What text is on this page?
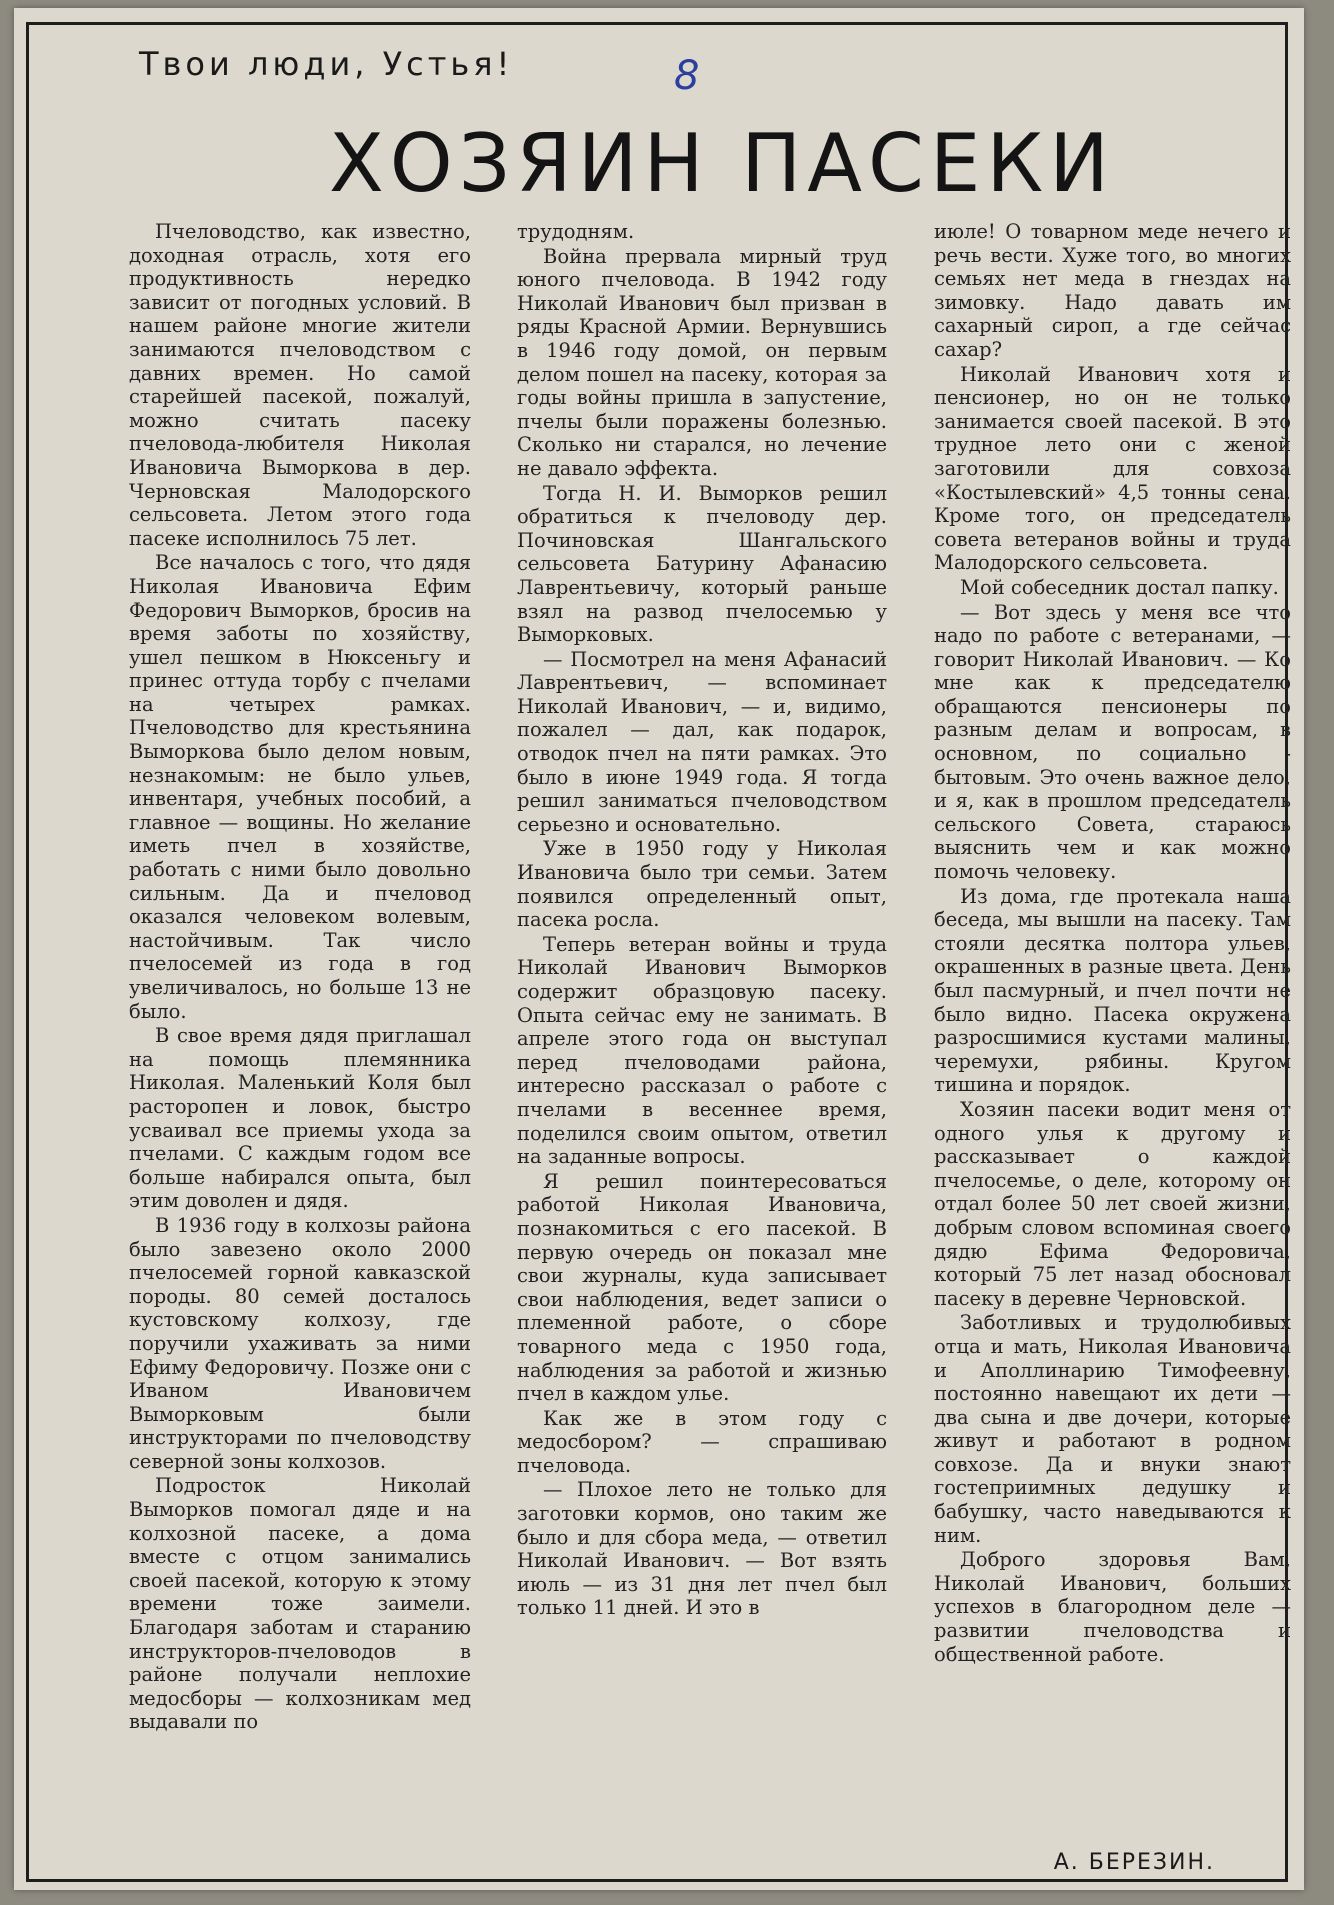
Твои люди, Устья!	8
ХОЗЯИН ПАСЕКИ

Пчеловодство, как известно, доходная отрасль, хотя его продуктивность нередко зависит от погодных условий. В нашем районе многие жители занимаются пчеловодством с давних времен. Но самой старейшей пасекой, пожалуй, можно считать пасеку пчеловода-любителя Николая Ивановича Выморкова в дер. Черновская Малодорского сельсовета. Летом этого года пасеке исполнилось 75 лет.

Все началось с того, что дядя Николая Ивановича Ефим Федорович Выморков, бросив на время заботы по хозяйству, ушел пешком в Нюксеньгу и принес оттуда торбу с пчелами на четырех рамках. Пчеловодство для крестьянина Выморкова было делом новым, незнакомым: не было ульев, инвентаря, учебных пособий, а главное — вощины. Но желание иметь пчел в хозяйстве, работать с ними было довольно сильным. Да и пчеловод оказался человеком волевым, настойчивым. Так число пчелосемей из года в год увеличивалось, но больше 13 не было.

В свое время дядя приглашал на помощь племянника Николая. Маленький Коля был расторопен и ловок, быстро усваивал все приемы ухода за пчелами. С каждым годом все больше набирался опыта, был этим доволен и дядя.

В 1936 году в колхозы района было завезено около 2000 пчелосемей горной кавказской породы. 80 семей досталось кустовскому колхозу, где поручили ухаживать за ними Ефиму Федоровичу. Позже они с Иваном Ивановичем Выморковым были инструкторами по пчеловодству северной зоны колхозов.

Подросток Николай Выморков помогал дяде и на колхозной пасеке, а дома вместе с отцом занимались своей пасекой, которую к этому времени тоже заимели. Благодаря заботам и старанию инструкторов-пчеловодов в районе получали неплохие медосборы — колхозникам мед выдавали по

трудодням.

Война прервала мирный труд юного пчеловода. В 1942 году Николай Иванович был призван в ряды Красной Армии. Вернувшись в 1946 году домой, он первым делом пошел на пасеку, которая за годы войны пришла в запустение, пчелы были поражены болезнью. Сколько ни старался, но лечение не давало эффекта.

Тогда Н. И. Выморков решил обратиться к пчеловоду дер. Починовская Шангальского сельсовета Батурину Афанасию Лаврентьевичу, который раньше взял на развод пчелосемью у Выморковых.

— Посмотрел на меня Афанасий Лаврентьевич, — вспоминает Николай Иванович, — и, видимо, пожалел — дал, как подарок, отводок пчел на пяти рамках. Это было в июне 1949 года. Я тогда решил заниматься пчеловодством серьезно и основательно.

Уже в 1950 году у Николая Ивановича было три семьи. Затем появился определенный опыт, пасека росла.

Теперь ветеран войны и труда Николай Иванович Выморков содержит образцовую пасеку. Опыта сейчас ему не занимать. В апреле этого года он выступал перед пчеловодами района, интересно рассказал о работе с пчелами в весеннее время, поделился своим опытом, ответил на заданные вопросы.

Я решил поинтересоваться работой Николая Ивановича, познакомиться с его пасекой. В первую очередь он показал мне свои журналы, куда записывает свои наблюдения, ведет записи о племенной работе, о сборе товарного меда с 1950 года, наблюдения за работой и жизнью пчел в каждом улье.

Как же в этом году с медосбором? — спрашиваю пчеловода.

— Плохое лето не только для заготовки кормов, оно таким же было и для сбора меда, — ответил Николай Иванович. — Вот взять июль — из 31 дня лет пчел был только 11 дней. И это в

июле! О товарном меде нечего и речь вести. Хуже того, во многих семьях нет меда в гнездах на зимовку. Надо давать им сахарный сироп, а где сейчас сахар?

Николай Иванович хотя и пенсионер, но он не только занимается своей пасекой. В это трудное лето они с женой заготовили для совхоза «Костылевский» 4,5 тонны сена. Кроме того, он председатель совета ветеранов войны и труда Малодорского сельсовета.

Мой собеседник достал папку.

— Вот здесь у меня все что надо по работе с ветеранами, — говорит Николай Иванович. — Ко мне как к председателю обращаются пенсионеры по разным делам и вопросам, в основном, по социально - бытовым. Это очень важное дело, и я, как в прошлом председатель сельского Совета, стараюсь выяснить чем и как можно помочь человеку.

Из дома, где протекала наша беседа, мы вышли на пасеку. Там стояли десятка полтора ульев, окрашенных в разные цвета. День был пасмурный, и пчел почти не было видно. Пасека окружена разросшимися кустами малины, черемухи, рябины. Кругом тишина и порядок.

Хозяин пасеки водит меня от одного улья к другому и рассказывает о каждой пчелосемье, о деле, которому он отдал более 50 лет своей жизни, добрым словом вспоминая своего дядю Ефима Федоровича, который 75 лет назад обосновал пасеку в деревне Черновской.

Заботливых и трудолюбивых отца и мать, Николая Ивановича и Аполлинарию Тимофеевну, постоянно навещают их дети — два сына и две дочери, которые живут и работают в родном совхозе. Да и внуки знают гостеприимных дедушку и бабушку, часто наведываются к ним.

Доброго здоровья Вам, Николай Иванович, больших успехов в благородном деле — развитии пчеловодства и общественной работе.

А. БЕРЕЗИН.
